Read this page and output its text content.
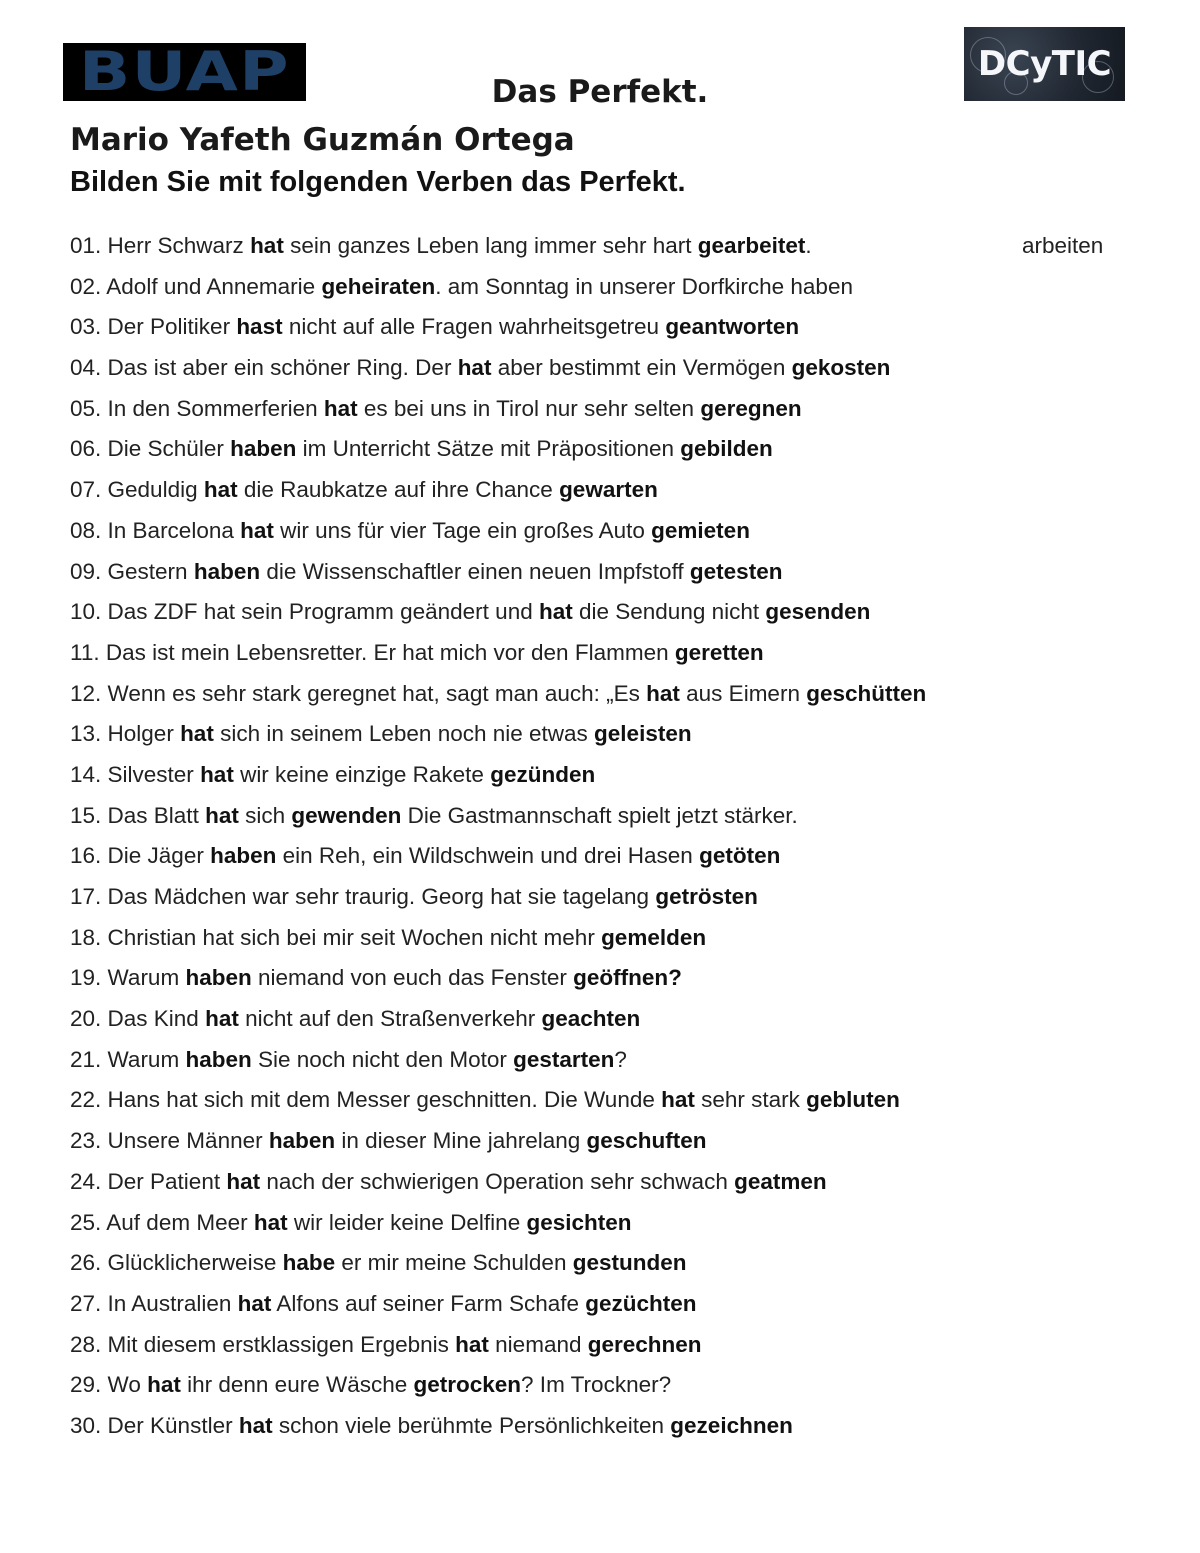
BUAP	DCyTIC
Das Perfekt.
Mario Yafeth Guzmán Ortega
Bilden Sie mit folgenden Verben das Perfekt.
01. Herr Schwarz hat sein ganzes Leben lang immer sehr hart gearbeitet.	arbeiten
02. Adolf und Annemarie geheiraten. am Sonntag in unserer Dorfkirche haben
03. Der Politiker hast nicht auf alle Fragen wahrheitsgetreu geantworten
04. Das ist aber ein schöner Ring. Der hat aber bestimmt ein Vermögen gekosten
05. In den Sommerferien hat es bei uns in Tirol nur sehr selten geregnen
06. Die Schüler haben im Unterricht Sätze mit Präpositionen gebilden
07. Geduldig hat die Raubkatze auf ihre Chance gewarten
08. In Barcelona hat wir uns für vier Tage ein großes Auto gemieten
09. Gestern haben die Wissenschaftler einen neuen Impfstoff getesten
10. Das ZDF hat sein Programm geändert und hat die Sendung nicht gesenden
11. Das ist mein Lebensretter. Er hat mich vor den Flammen geretten
12. Wenn es sehr stark geregnet hat, sagt man auch: „Es hat aus Eimern geschütten
13. Holger hat sich in seinem Leben noch nie etwas geleisten
14. Silvester hat wir keine einzige Rakete gezünden
15. Das Blatt hat sich gewenden Die Gastmannschaft spielt jetzt stärker.
16. Die Jäger haben ein Reh, ein Wildschwein und drei Hasen getöten
17. Das Mädchen war sehr traurig. Georg hat sie tagelang getrösten
18. Christian hat sich bei mir seit Wochen nicht mehr gemelden
19. Warum haben niemand von euch das Fenster geöffnen?
20. Das Kind hat nicht auf den Straßenverkehr geachten
21. Warum haben Sie noch nicht den Motor gestarten?
22. Hans hat sich mit dem Messer geschnitten. Die Wunde hat sehr stark gebluten
23. Unsere Männer haben in dieser Mine jahrelang geschuften
24. Der Patient hat nach der schwierigen Operation sehr schwach geatmen
25. Auf dem Meer hat wir leider keine Delfine gesichten
26. Glücklicherweise habe er mir meine Schulden gestunden
27. In Australien hat Alfons auf seiner Farm Schafe gezüchten
28. Mit diesem erstklassigen Ergebnis hat niemand gerechnen
29. Wo hat ihr denn eure Wäsche getrocken? Im Trockner?
30. Der Künstler hat schon viele berühmte Persönlichkeiten gezeichnen
